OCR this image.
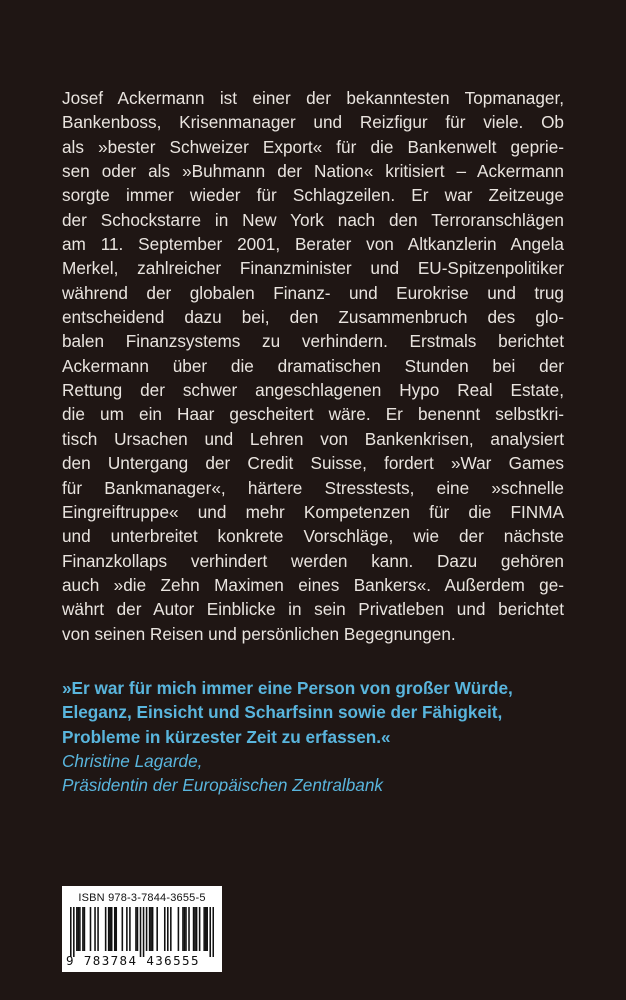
Josef Ackermann ist einer der bekanntesten Topmanager,
Bankenboss, Krisenmanager und Reizfigur für viele. Ob
als »bester Schweizer Export« für die Bankenwelt geprie-
sen oder als »Buhmann der Nation« kritisiert – Ackermann
sorgte immer wieder für Schlagzeilen. Er war Zeitzeuge
der Schockstarre in New York nach den Terroranschlägen
am 11. September 2001, Berater von Altkanzlerin Angela
Merkel, zahlreicher Finanzminister und EU-Spitzenpolitiker
während der globalen Finanz- und Eurokrise und trug
entscheidend dazu bei, den Zusammenbruch des glo-
balen Finanzsystems zu verhindern. Erstmals berichtet
Ackermann über die dramatischen Stunden bei der
Rettung der schwer angeschlagenen Hypo Real Estate,
die um ein Haar gescheitert wäre. Er benennt selbstkri-
tisch Ursachen und Lehren von Bankenkrisen, analysiert
den Untergang der Credit Suisse, fordert »War Games
für Bankmanager«, härtere Stresstests, eine »schnelle
Eingreiftruppe« und mehr Kompetenzen für die FINMA
und unterbreitet konkrete Vorschläge, wie der nächste
Finanzkollaps verhindert werden kann. Dazu gehören
auch »die Zehn Maximen eines Bankers«. Außerdem ge-
währt der Autor Einblicke in sein Privatleben und berichtet
von seinen Reisen und persönlichen Begegnungen.
»Er war für mich immer eine Person von großer Würde,
Eleganz, Einsicht und Scharfsinn sowie der Fähigkeit,
Probleme in kürzester Zeit zu erfassen.«
Christine Lagarde,
Präsidentin der Europäischen Zentralbank
ISBN 978-3-7844-3655-5
9 783784 436555
